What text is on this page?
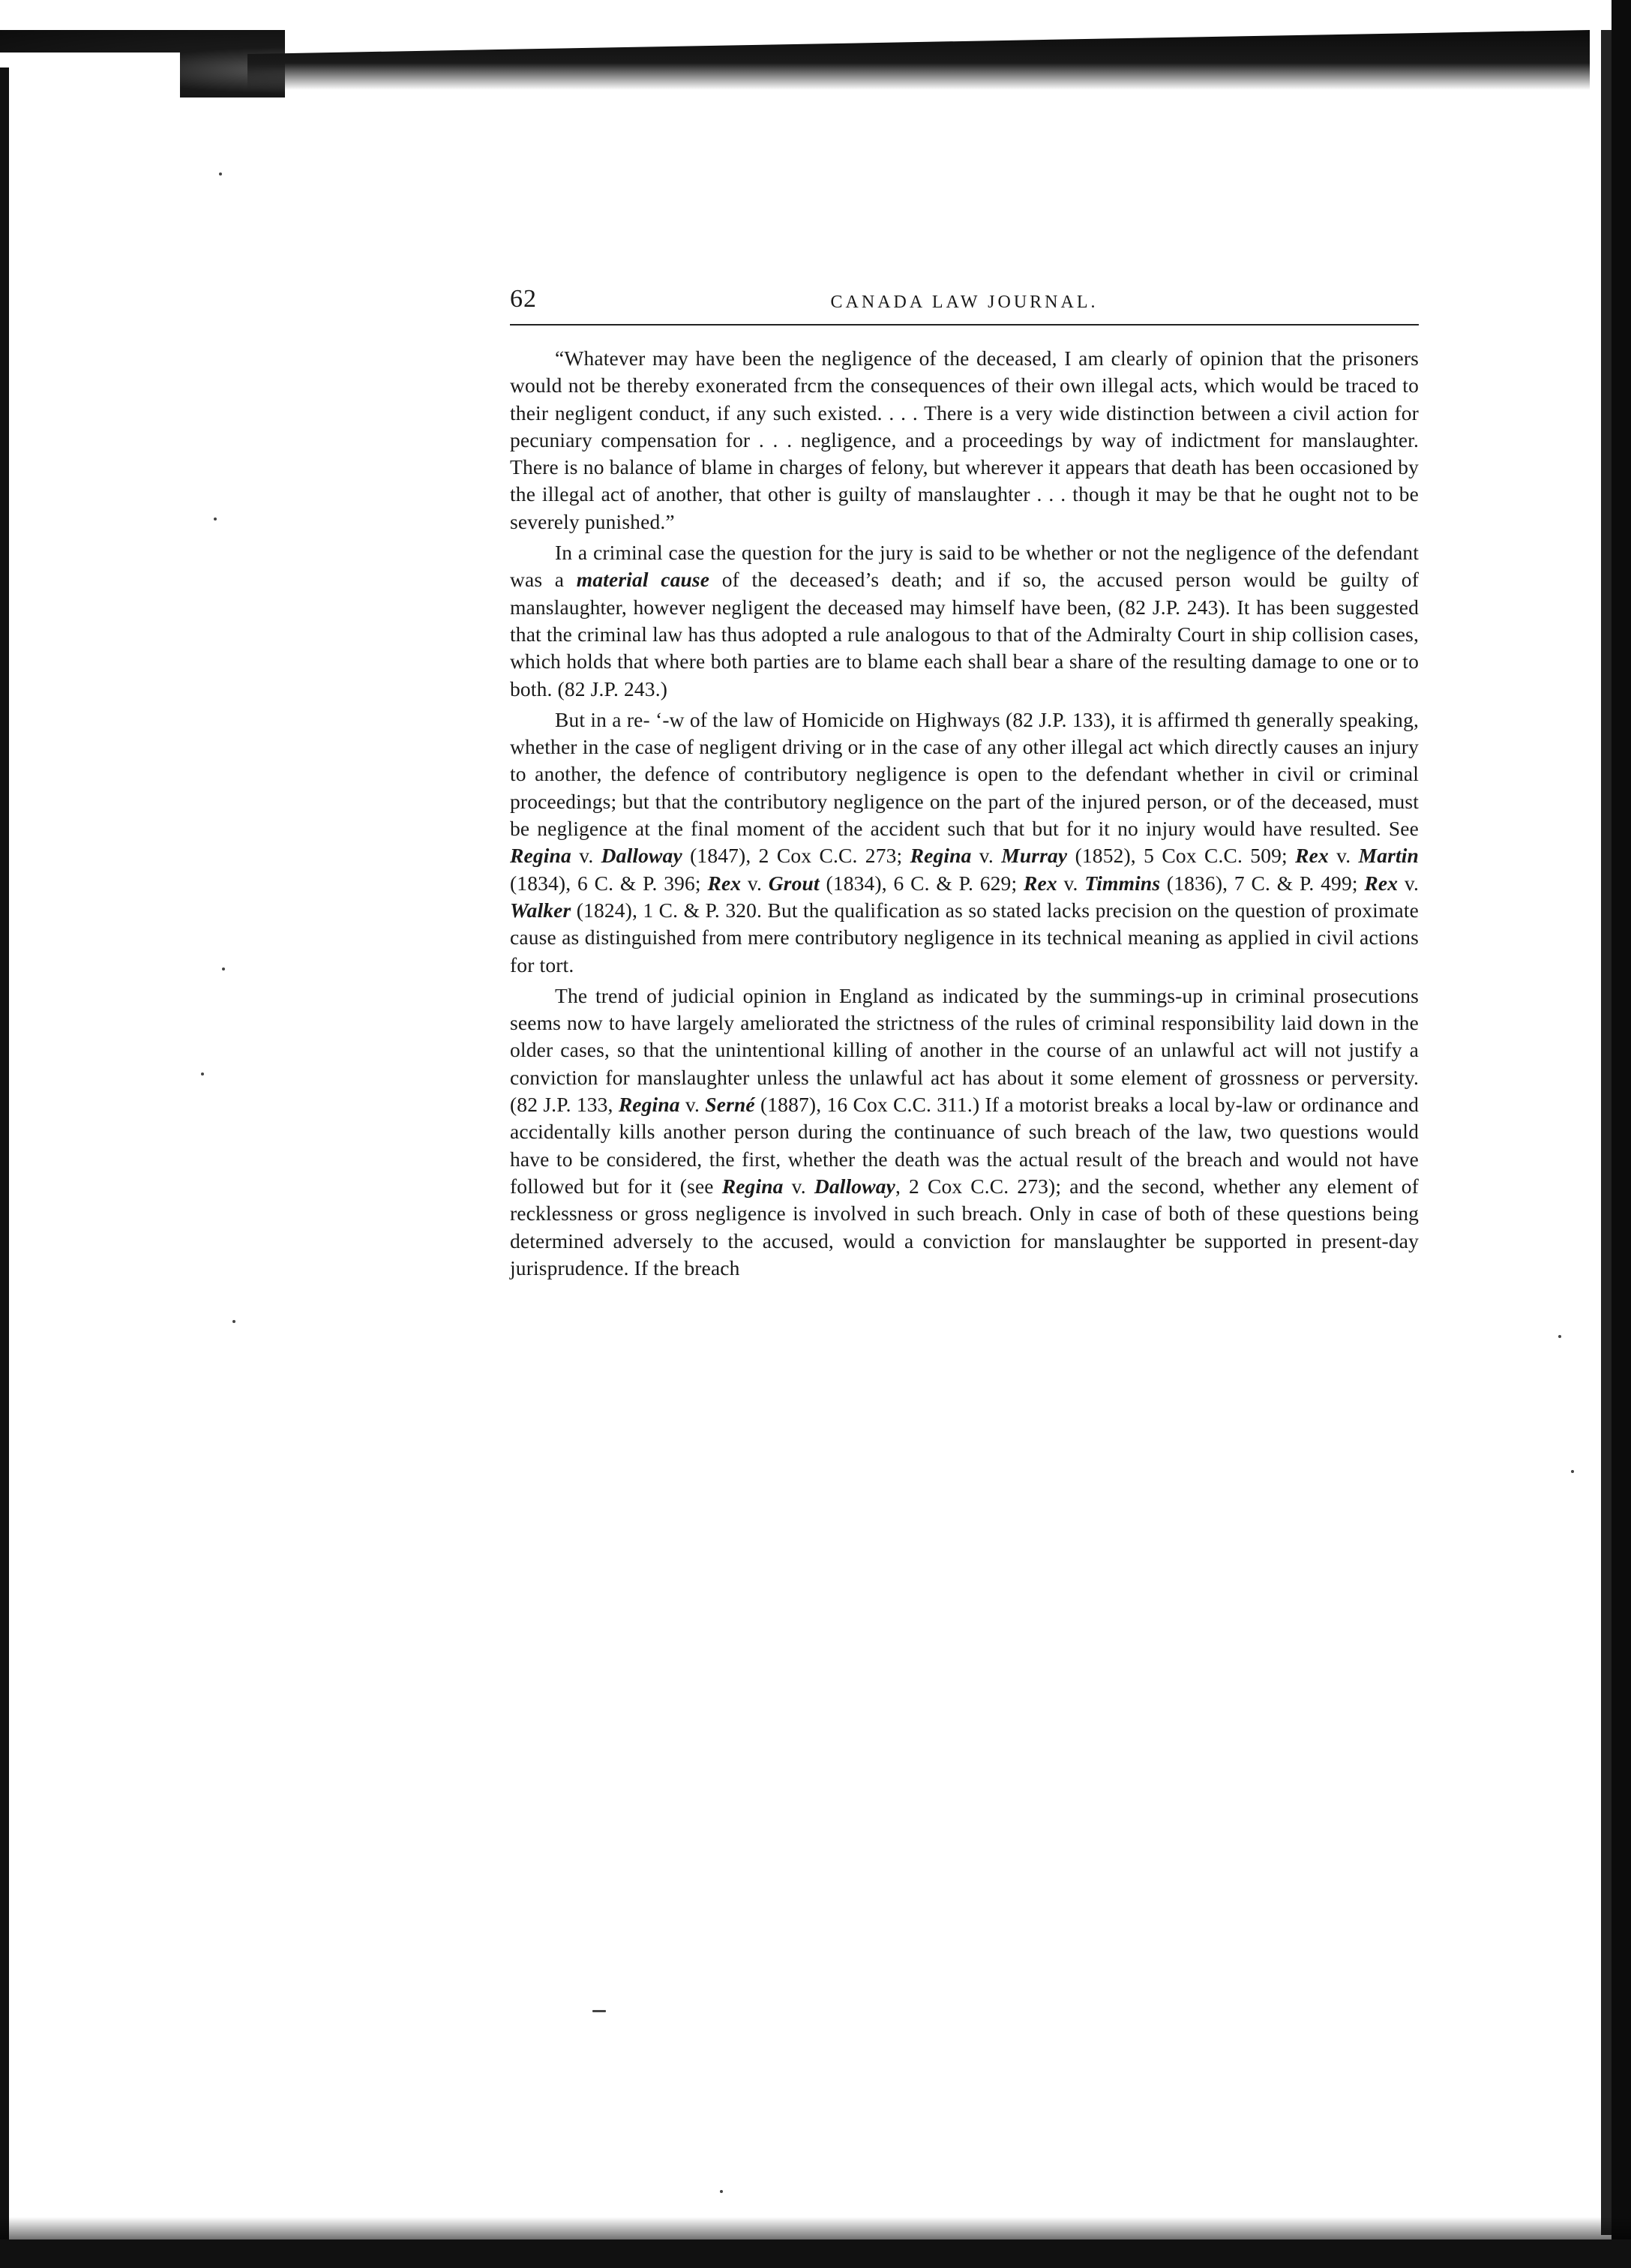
62	CANADA LAW JOURNAL.

“Whatever may have been the negligence of the deceased, I am clearly of opinion that the prisoners would not be thereby exonerated frcm the consequences of their own illegal acts, which would be traced to their negligent conduct, if any such existed. . . . There is a very wide distinction between a civil action for pecuniary compensation for . . . negligence, and a proceedings by way of indictment for manslaughter. There is no balance of blame in charges of felony, but wherever it appears that death has been occasioned by the illegal act of another, that other is guilty of manslaughter . . . though it may be that he ought not to be severely punished.”

In a criminal case the question for the jury is said to be whether or not the negligence of the defendant was a material cause of the deceased’s death; and if so, the accused person would be guilty of manslaughter, however negligent the deceased may himself have been, (82 J.P. 243). It has been suggested that the criminal law has thus adopted a rule analogous to that of the Admiralty Court in ship collision cases, which holds that where both parties are to blame each shall bear a share of the resulting damage to one or to both. (82 J.P. 243.)

But in a re- ‘-w of the law of Homicide on Highways (82 J.P. 133), it is affirmed th generally speaking, whether in the case of negligent driving or in the case of any other illegal act which directly causes an injury to another, the defence of contributory negligence is open to the defendant whether in civil or criminal proceedings; but that the contributory negligence on the part of the injured person, or of the deceased, must be negligence at the final moment of the accident such that but for it no injury would have resulted. See Regina v. Dalloway (1847), 2 Cox C.C. 273; Regina v. Murray (1852), 5 Cox C.C. 509; Rex v. Martin (1834), 6 C. & P. 396; Rex v. Grout (1834), 6 C. & P. 629; Rex v. Timmins (1836), 7 C. & P. 499; Rex v. Walker (1824), 1 C. & P. 320. But the qualification as so stated lacks precision on the question of proximate cause as distinguished from mere contributory negligence in its technical meaning as applied in civil actions for tort.

The trend of judicial opinion in England as indicated by the summings-up in criminal prosecutions seems now to have largely ameliorated the strictness of the rules of criminal responsibility laid down in the older cases, so that the unintentional killing of another in the course of an unlawful act will not justify a conviction for manslaughter unless the unlawful act has about it some element of grossness or perversity. (82 J.P. 133, Regina v. Serné (1887), 16 Cox C.C. 311.) If a motorist breaks a local by-law or ordinance and accidentally kills another person during the continuance of such breach of the law, two questions would have to be considered, the first, whether the death was the actual result of the breach and would not have followed but for it (see Regina v. Dalloway, 2 Cox C.C. 273); and the second, whether any element of recklessness or gross negligence is involved in such breach. Only in case of both of these questions being determined adversely to the accused, would a conviction for manslaughter be supported in present-day jurisprudence. If the breach
